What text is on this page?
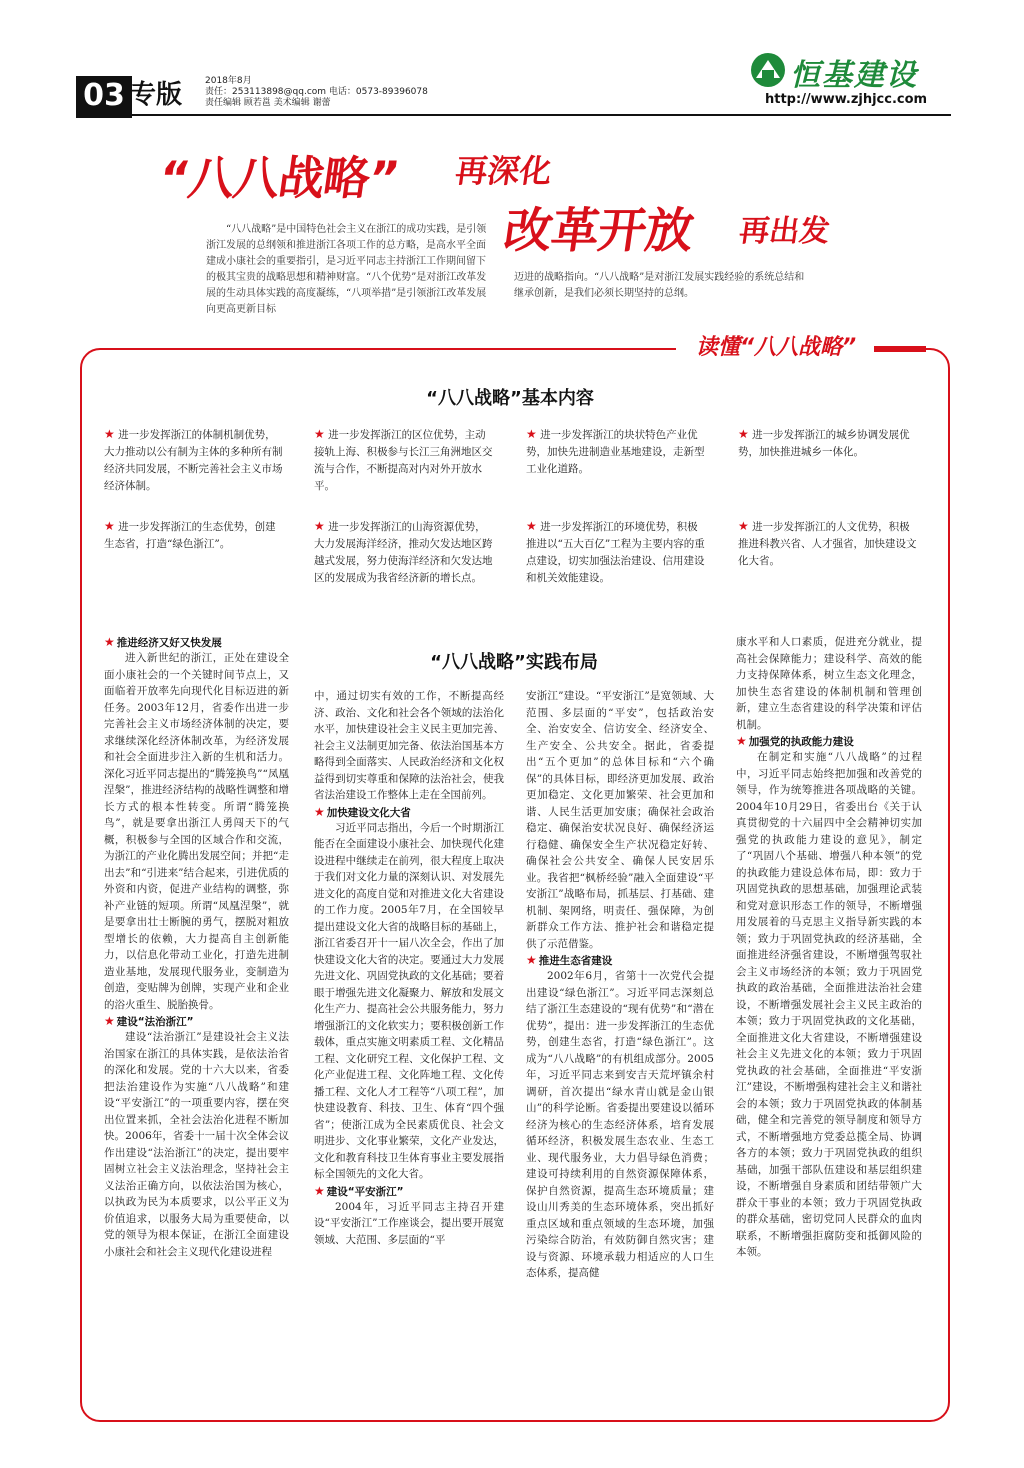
03 专版	2018年8月
责任：253113898@qq.com 电话：0573-89396078
责任编辑 顾若邕 美术编辑 谢蕾
恒基建设
http://www.zjhjcc.com
“八八战略” 再深化
改革开放 再出发
“八八战略”是中国特色社会主义在浙江的成功实践，是引领浙江发展的总纲领和推进浙江各项工作的总方略，是高水平全面建成小康社会的重要指引，是习近平同志主持浙江工作期间留下的极其宝贵的战略思想和精神财富。“八个优势”是对浙江改革发展的生动具体实践的高度凝练，“八项举措”是引领浙江改革发展向更高更新目标
迈进的战略指向。“八八战略”是对浙江发展实践经验的系统总结和继承创新，是我们必须长期坚持的总纲。
读懂“八八战略”
“八八战略”基本内容
★ 进一步发挥浙江的体制机制优势，大力推动以公有制为主体的多种所有制经济共同发展，不断完善社会主义市场经济体制。
★ 进一步发挥浙江的区位优势，主动接轨上海、积极参与长江三角洲地区交流与合作，不断提高对内对外开放水平。
★ 进一步发挥浙江的块状特色产业优势，加快先进制造业基地建设，走新型工业化道路。
★ 进一步发挥浙江的城乡协调发展优势，加快推进城乡一体化。
★ 进一步发挥浙江的生态优势，创建生态省，打造“绿色浙江”。
★ 进一步发挥浙江的山海资源优势，大力发展海洋经济，推动欠发达地区跨越式发展，努力使海洋经济和欠发达地区的发展成为我省经济新的增长点。
★ 进一步发挥浙江的环境优势，积极推进以“五大百亿”工程为主要内容的重点建设，切实加强法治建设、信用建设和机关效能建设。
★ 进一步发挥浙江的人文优势，积极推进科教兴省、人才强省，加快建设文化大省。
“八八战略”实践布局

★ 推进经济又好又快发展

进入新世纪的浙江，正处在建设全面小康社会的一个关键时间节点上，又面临着开放率先向现代化目标迈进的新任务。2003年12月，省委作出进一步完善社会主义市场经济体制的决定，要求继续深化经济体制改革，为经济发展和社会全面进步注入新的生机和活力。深化习近平同志提出的“腾笼换鸟”“凤凰涅槃”，推进经济结构的战略性调整和增长方式的根本性转变。所谓“腾笼换鸟”，就是要拿出浙江人勇闯天下的气概，积极参与全国的区域合作和交流，为浙江的产业化腾出发展空间；并把“走出去”和“引进来”结合起来，引进优质的外资和内资，促进产业结构的调整，弥补产业链的短项。所谓“凤凰涅槃”，就是要拿出壮士断腕的勇气，摆脱对粗放型增长的依赖，大力提高自主创新能力，以信息化带动工业化，打造先进制造业基地，发展现代服务业，变制造为创造，变贴牌为创牌，实现产业和企业的浴火重生、脱胎换骨。

★ 建设“法治浙江”

建设“法治浙江”是建设社会主义法治国家在浙江的具体实践，是依法治省的深化和发展。党的十六大以来，省委把法治建设作为实施“八八战略”和建设“平安浙江”的一项重要内容，摆在突出位置来抓，全社会法治化进程不断加快。2006年，省委十一届十次全体会议作出建设“法治浙江”的决定，提出要牢固树立社会主义法治理念，坚持社会主义法治正确方向，以依法治国为核心，以执政为民为本质要求，以公平正义为价值追求，以服务大局为重要使命，以党的领导为根本保证，在浙江全面建设小康社会和社会主义现代化建设进程

中，通过切实有效的工作，不断提高经济、政治、文化和社会各个领域的法治化水平，加快建设社会主义民主更加完善、社会主义法制更加完备、依法治国基本方略得到全面落实、人民政治经济和文化权益得到切实尊重和保障的法治社会，使我省法治建设工作整体上走在全国前列。

★ 加快建设文化大省

习近平同志指出，今后一个时期浙江能否在全面建设小康社会、加快现代化建设进程中继续走在前列，很大程度上取决于我们对文化力量的深刻认识、对发展先进文化的高度自觉和对推进文化大省建设的工作力度。2005年7月，在全国较早提出建设文化大省的战略目标的基础上，浙江省委召开十一届八次全会，作出了加快建设文化大省的决定。要通过大力发展先进文化、巩固党执政的文化基础；要着眼于增强先进文化凝聚力、解放和发展文化生产力、提高社会公共服务能力，努力增强浙江的文化软实力；要积极创新工作载体，重点实施文明素质工程、文化精品工程、文化研究工程、文化保护工程、文化产业促进工程、文化阵地工程、文化传播工程、文化人才工程等“八项工程”，加快建设教育、科技、卫生、体育“四个强省”；使浙江成为全民素质优良、社会文明进步、文化事业繁荣，文化产业发达，文化和教育科技卫生体育事业主要发展指标全国领先的文化大省。

★ 建设“平安浙江”

2004年，习近平同志主持召开建设“平安浙江”工作座谈会，提出要开展宽领域、大范围、多层面的“平

安浙江”建设。“平安浙江”是宽领域、大范围、多层面的“平安”，包括政治安全、治安安全、信访安全、经济安全、生产安全、公共安全。据此，省委提出“五个更加”的总体目标和“六个确保”的具体目标，即经济更加发展、政治更加稳定、文化更加繁荣、社会更加和谐、人民生活更加安康；确保社会政治稳定、确保治安状况良好、确保经济运行稳健、确保安全生产状况稳定好转、确保社会公共安全、确保人民安居乐业。我省把“枫桥经验”融入全面建设“平安浙江”战略布局，抓基层、打基础、建机制、架网络，明责任、强保障，为创新群众工作方法、推护社会和谐稳定提供了示范借鉴。

★ 推进生态省建设

2002年6月，省第十一次党代会提出建设“绿色浙江”。习近平同志深刻总结了浙江生态建设的“现有优势”和“潜在优势”，提出：进一步发挥浙江的生态优势，创建生态省，打造“绿色浙江”。这成为“八八战略”的有机组成部分。2005年，习近平同志来到安吉天荒坪镇余村调研，首次提出“绿水青山就是金山银山”的科学论断。省委提出要建设以循环经济为核心的生态经济体系，培育发展循环经济，积极发展生态农业、生态工业、现代服务业，大力倡导绿色消费；建设可持续利用的自然资源保障体系，保护自然资源，提高生态环境质量；建设山川秀美的生态环境体系，突出抓好重点区域和重点领域的生态环境，加强污染综合防治，有效防御自然灾害；建设与资源、环境承载力相适应的人口生态体系，提高健

康水平和人口素质，促进充分就业，提高社会保障能力；建设科学、高效的能力支持保障体系，树立生态文化理念，加快生态省建设的体制机制和管理创新，建立生态省建设的科学决策和评估机制。

★ 加强党的执政能力建设

在制定和实施“八八战略”的过程中，习近平同志始终把加强和改善党的领导，作为统筹推进各项战略的关键。2004年10月29日，省委出台《关于认真贯彻党的十六届四中全会精神切实加强党的执政能力建设的意见》，制定了“巩固八个基础、增强八种本领”的党的执政能力建设总体布局，即：致力于巩固党执政的思想基础，加强理论武装和党对意识形态工作的领导，不断增强用发展着的马克思主义指导新实践的本领；致力于巩固党执政的经济基础，全面推进经济强省建设，不断增强驾驭社会主义市场经济的本领；致力于巩固党执政的政治基础，全面推进法治社会建设，不断增强发展社会主义民主政治的本领；致力于巩固党执政的文化基础，全面推进文化大省建设，不断增强建设社会主义先进文化的本领；致力于巩固党执政的社会基础，全面推进“平安浙江”建设，不断增强构建社会主义和谐社会的本领；致力于巩固党执政的体制基础，健全和完善党的领导制度和领导方式，不断增强地方党委总揽全局、协调各方的本领；致力于巩固党执政的组织基础，加强干部队伍建设和基层组织建设，不断增强自身素质和团结带领广大群众干事业的本领；致力于巩固党执政的群众基础，密切党同人民群众的血肉联系，不断增强拒腐防变和抵御风险的本领。
